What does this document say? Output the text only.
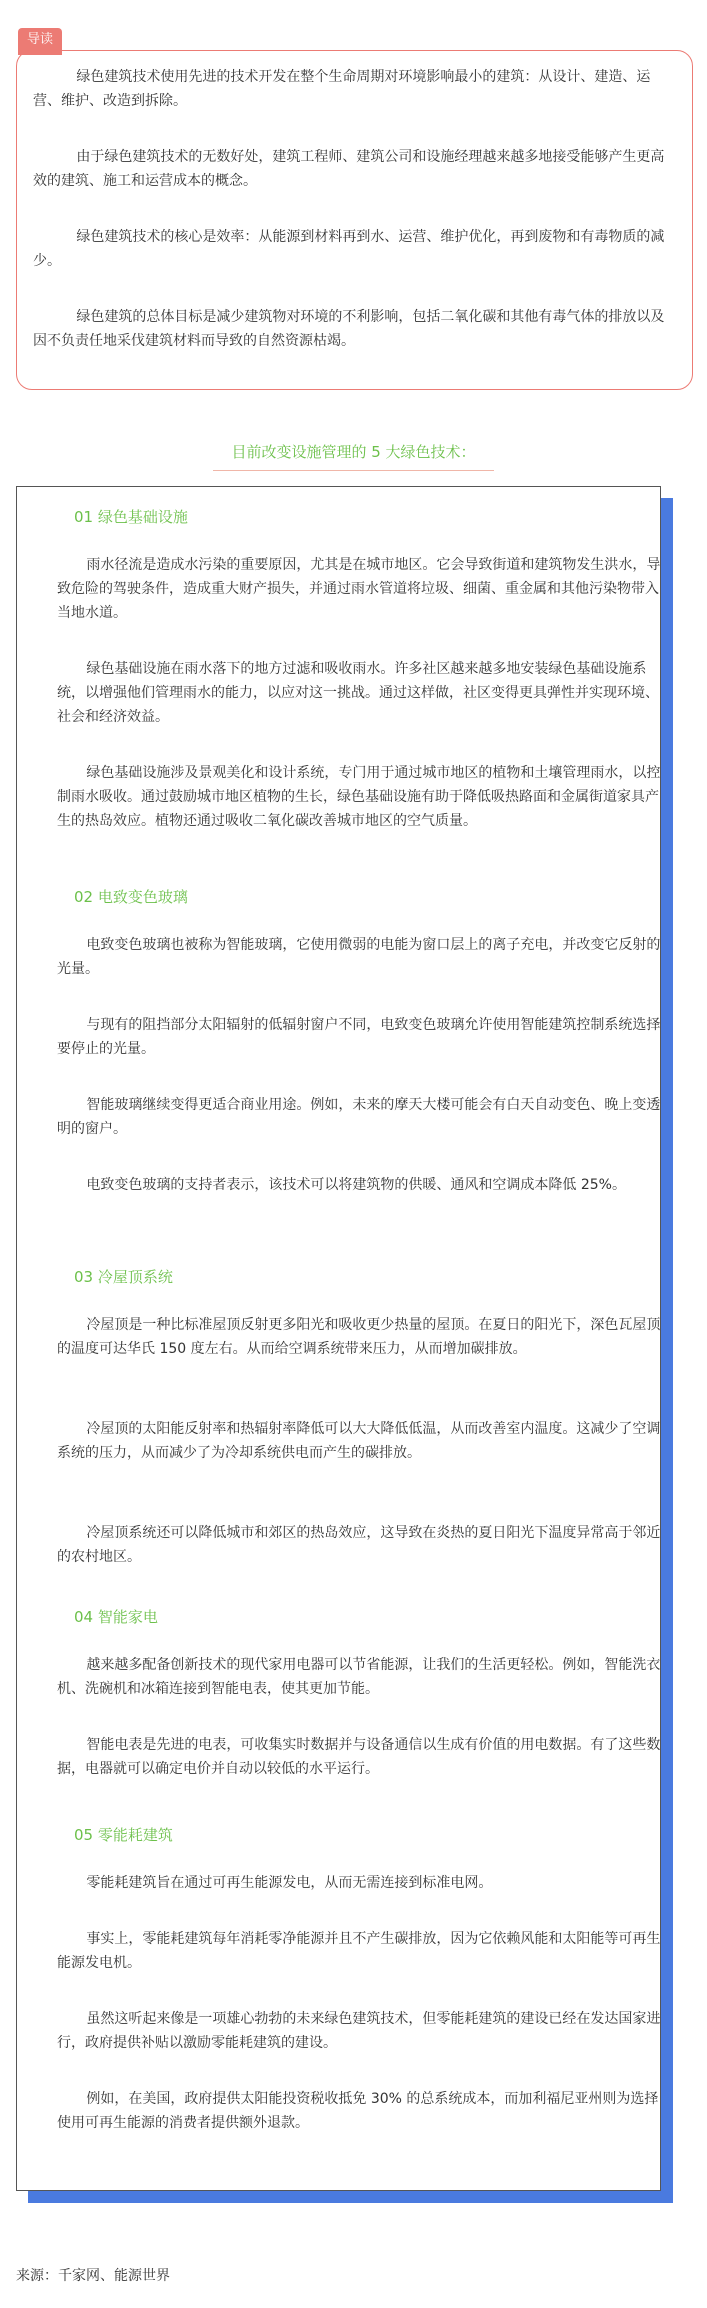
导读

绿色建筑技术使用先进的技术开发在整个生命周期对环境影响最小的建筑：从设计、建造、运营、维护、改造到拆除。

由于绿色建筑技术的无数好处，建筑工程师、建筑公司和设施经理越来越多地接受能够产生更高效的建筑、施工和运营成本的概念。

绿色建筑技术的核心是效率：从能源到材料再到水、运营、维护优化，再到废物和有毒物质的减少。

绿色建筑的总体目标是减少建筑物对环境的不利影响，包括二氧化碳和其他有毒气体的排放以及因不负责任地采伐建筑材料而导致的自然资源枯竭。

目前改变设施管理的 5 大绿色技术：
01 绿色基础设施

雨水径流是造成水污染的重要原因，尤其是在城市地区。它会导致街道和建筑物发生洪水，导致危险的驾驶条件，造成重大财产损失，并通过雨水管道将垃圾、细菌、重金属和其他污染物带入当地水道。

绿色基础设施在雨水落下的地方过滤和吸收雨水。许多社区越来越多地安装绿色基础设施系统，以增强他们管理雨水的能力，以应对这一挑战。通过这样做，社区变得更具弹性并实现环境、社会和经济效益。

绿色基础设施涉及景观美化和设计系统，专门用于通过城市地区的植物和土壤管理雨水，以控制雨水吸收。通过鼓励城市地区植物的生长，绿色基础设施有助于降低吸热路面和金属街道家具产生的热岛效应。植物还通过吸收二氧化碳改善城市地区的空气质量。

02 电致变色玻璃

电致变色玻璃也被称为智能玻璃，它使用微弱的电能为窗口层上的离子充电，并改变它反射的光量。

与现有的阻挡部分太阳辐射的低辐射窗户不同，电致变色玻璃允许使用智能建筑控制系统选择要停止的光量。

智能玻璃继续变得更适合商业用途。例如，未来的摩天大楼可能会有白天自动变色、晚上变透明的窗户。

电致变色玻璃的支持者表示，该技术可以将建筑物的供暖、通风和空调成本降低 25%。

03 冷屋顶系统

冷屋顶是一种比标准屋顶反射更多阳光和吸收更少热量的屋顶。在夏日的阳光下，深色瓦屋顶的温度可达华氏 150 度左右。从而给空调系统带来压力，从而增加碳排放。

冷屋顶的太阳能反射率和热辐射率降低可以大大降低低温，从而改善室内温度。这减少了空调系统的压力，从而减少了为冷却系统供电而产生的碳排放。

冷屋顶系统还可以降低城市和郊区的热岛效应，这导致在炎热的夏日阳光下温度异常高于邻近的农村地区。

04 智能家电

越来越多配备创新技术的现代家用电器可以节省能源，让我们的生活更轻松。例如，智能洗衣机、洗碗机和冰箱连接到智能电表，使其更加节能。

智能电表是先进的电表，可收集实时数据并与设备通信以生成有价值的用电数据。有了这些数据，电器就可以确定电价并自动以较低的水平运行。

05 零能耗建筑

零能耗建筑旨在通过可再生能源发电，从而无需连接到标准电网。

事实上，零能耗建筑每年消耗零净能源并且不产生碳排放，因为它依赖风能和太阳能等可再生能源发电机。

虽然这听起来像是一项雄心勃勃的未来绿色建筑技术，但零能耗建筑的建设已经在发达国家进行，政府提供补贴以激励零能耗建筑的建设。

例如，在美国，政府提供太阳能投资税收抵免 30% 的总系统成本，而加利福尼亚州则为选择使用可再生能源的消费者提供额外退款。

来源：千家网、能源世界
